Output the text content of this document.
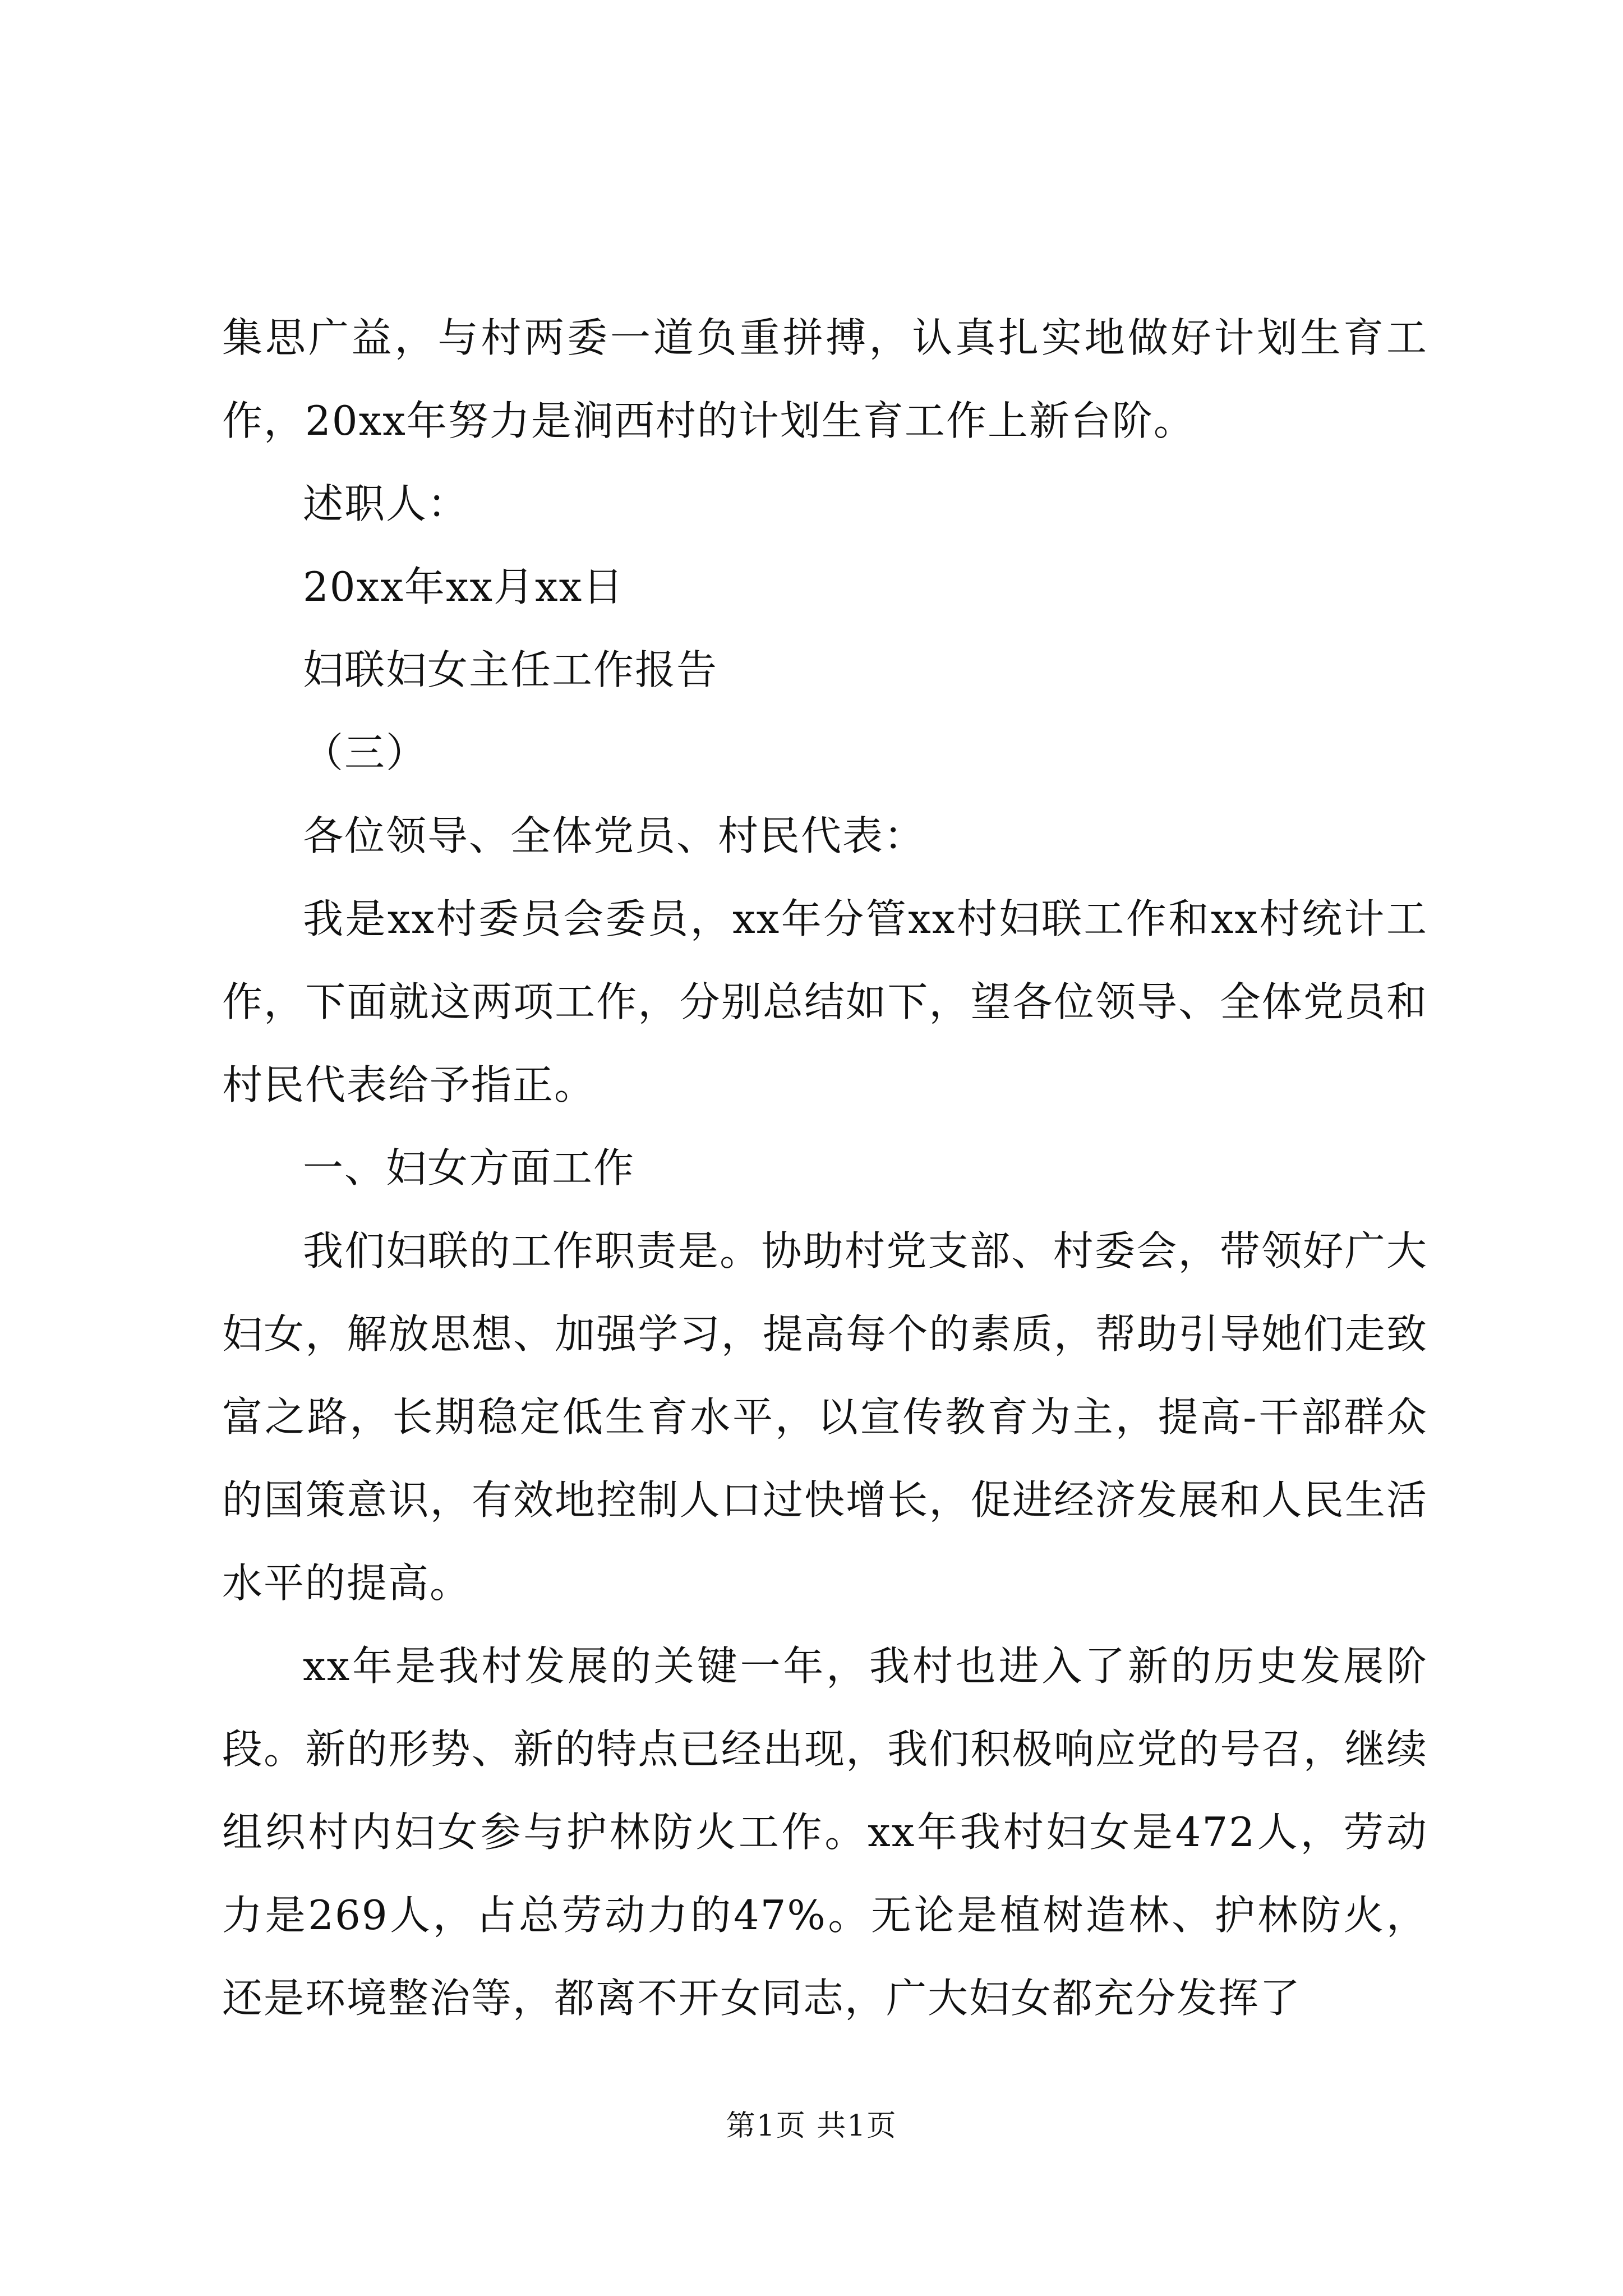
集思广益，与村两委一道负重拼搏，认真扎实地做好计划生育工作，20xx年努力是涧西村的计划生育工作上新台阶。

述职人：

20xx年xx月xx日

妇联妇女主任工作报告

（三）

各位领导、全体党员、村民代表：

我是xx村委员会委员，xx年分管xx村妇联工作和xx村统计工作，下面就这两项工作，分别总结如下，望各位领导、全体党员和村民代表给予指正。

一、妇女方面工作

我们妇联的工作职责是。协助村党支部、村委会，带领好广大妇女，解放思想、加强学习，提高每个的素质，帮助引导她们走致富之路，长期稳定低生育水平，以宣传教育为主，提高-干部群众的国策意识，有效地控制人口过快增长，促进经济发展和人民生活水平的提高。

xx年是我村发展的关键一年，我村也进入了新的历史发展阶段。新的形势、新的特点已经出现，我们积极响应党的号召，继续组织村内妇女参与护林防火工作。xx年我村妇女是472人，劳动力是269人，占总劳动力的47%。无论是植树造林、护林防火，还是环境整治等，都离不开女同志，广大妇女都充分发挥了

第1页 共1页
